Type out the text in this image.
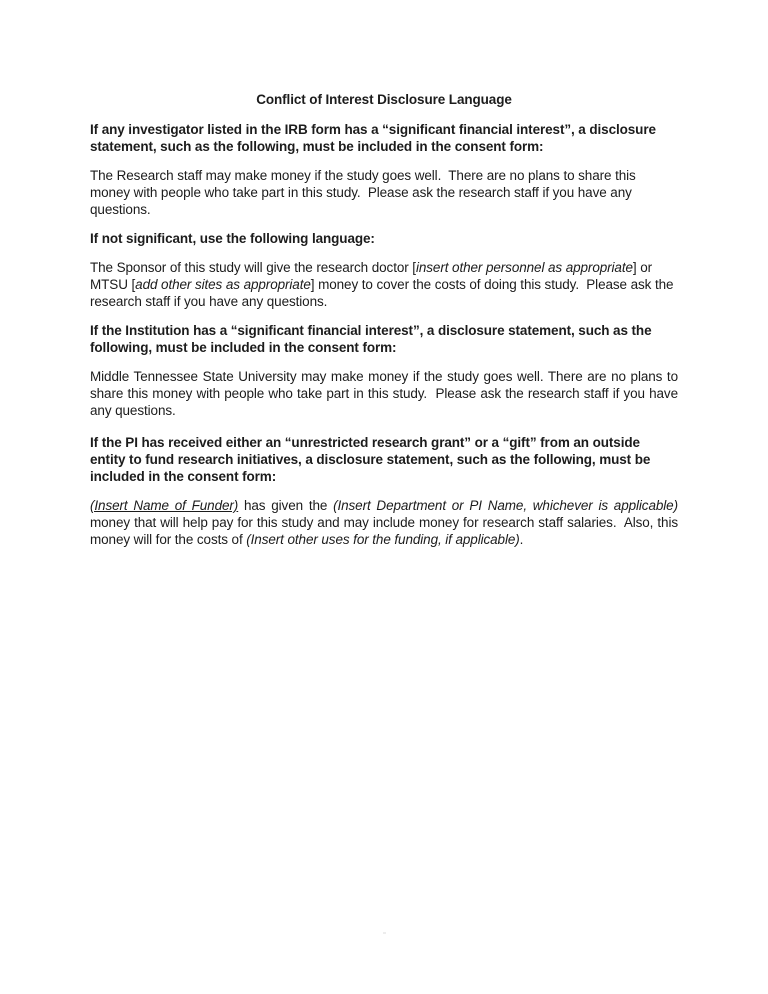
Conflict of Interest Disclosure Language

If any investigator listed in the IRB form has a “significant financial interest”, a disclosure statement, such as the following, must be included in the consent form:

The Research staff may make money if the study goes well.  There are no plans to share this money with people who take part in this study.  Please ask the research staff if you have any questions.

If not significant, use the following language:

The Sponsor of this study will give the research doctor [insert other personnel as appropriate] or MTSU [add other sites as appropriate] money to cover the costs of doing this study.  Please ask the research staff if you have any questions.

If the Institution has a “significant financial interest”, a disclosure statement, such as the following, must be included in the consent form:

Middle Tennessee State University may make money if the study goes well. There are no plans to share this money with people who take part in this study.  Please ask the research staff if you have any questions.

If the PI has received either an “unrestricted research grant” or a “gift” from an outside entity to fund research initiatives, a disclosure statement, such as the following, must be included in the consent form:

(Insert Name of Funder) has given the (Insert Department or PI Name, whichever is applicable) money that will help pay for this study and may include money for research staff salaries.  Also, this money will for the costs of (Insert other uses for the funding, if applicable).
